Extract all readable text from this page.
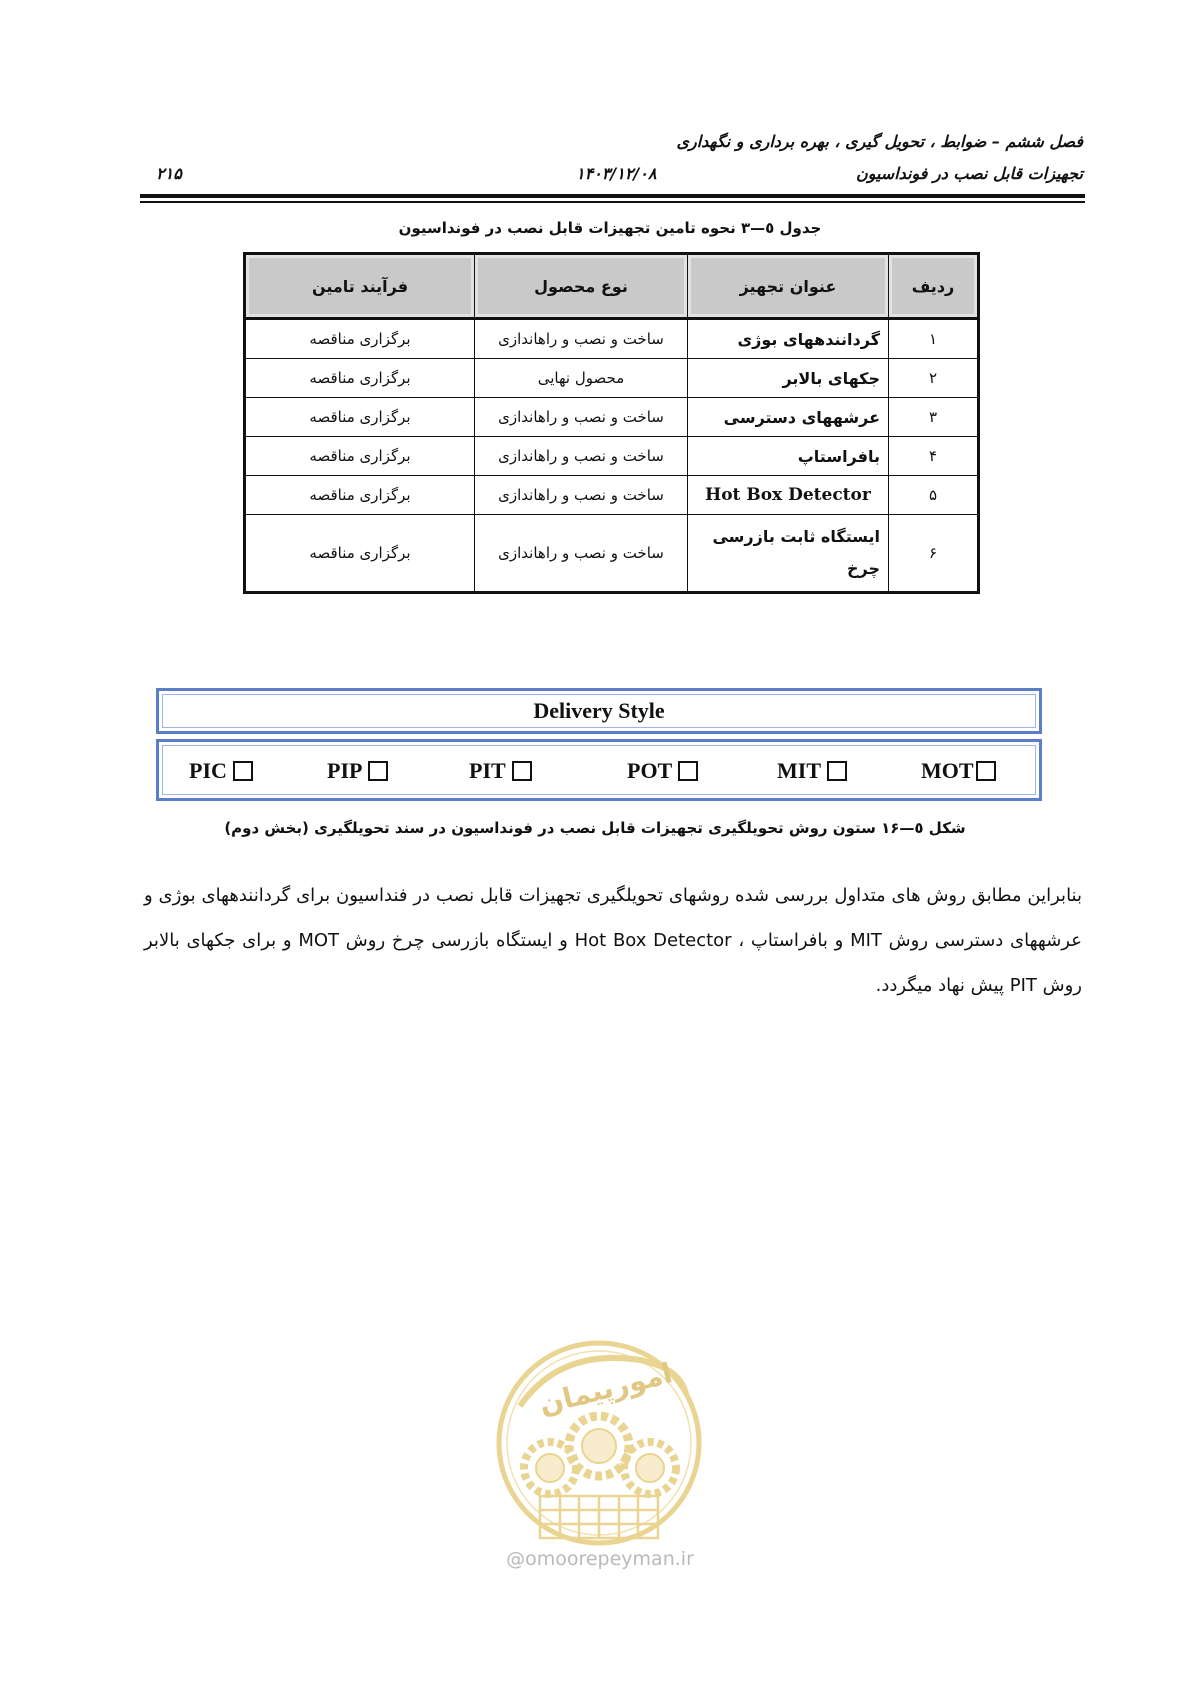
فصل ششم – ضوابط ، تحویل گیری ، بهره برداری و نگهداری
تجهیزات قابل نصب در فونداسیون
۱۴۰۳/۱۲/۰۸
۲۱۵
جدول ٥—٣ نحوه تامین تجهیزات قابل نصب در فونداسیون
ردیف	عنوان تجهیز	نوع محصول	فرآیند تامین
۱	گردانندههای بوژی	ساخت و نصب و راهاندازی	برگزاری مناقصه
۲	جکهای بالابر	محصول نهایی	برگزاری مناقصه
۳	عرشههای دسترسی	ساخت و نصب و راهاندازی	برگزاری مناقصه
۴	بافراستاپ	ساخت و نصب و راهاندازی	برگزاری مناقصه
۵	Hot Box Detector	ساخت و نصب و راهاندازی	برگزاری مناقصه
۶	ایستگاه ثابت بازرسی چرخ	ساخت و نصب و راهاندازی	برگزاری مناقصه
Delivery Style
PIC	PIP	PIT	POT	MIT	MOT
شکل ٥—۱۶ ستون روش تحویلگیری تجهیزات قابل نصب در فونداسیون در سند تحویلگیری (بخش دوم)
بنابراین مطابق روش های متداول بررسی شده روشهای تحویلگیری تجهیزات قابل نصب در فنداسیون برای گردانندههای بوژی و عرشههای دسترسی روش MIT و بافراستاپ ، Hot Box Detector و ایستگاه بازرسی چرخ روش MOT و برای جکهای بالابر روش PIT پیش نهاد میگردد.
امورپیمان
@omoorepeyman.ir
